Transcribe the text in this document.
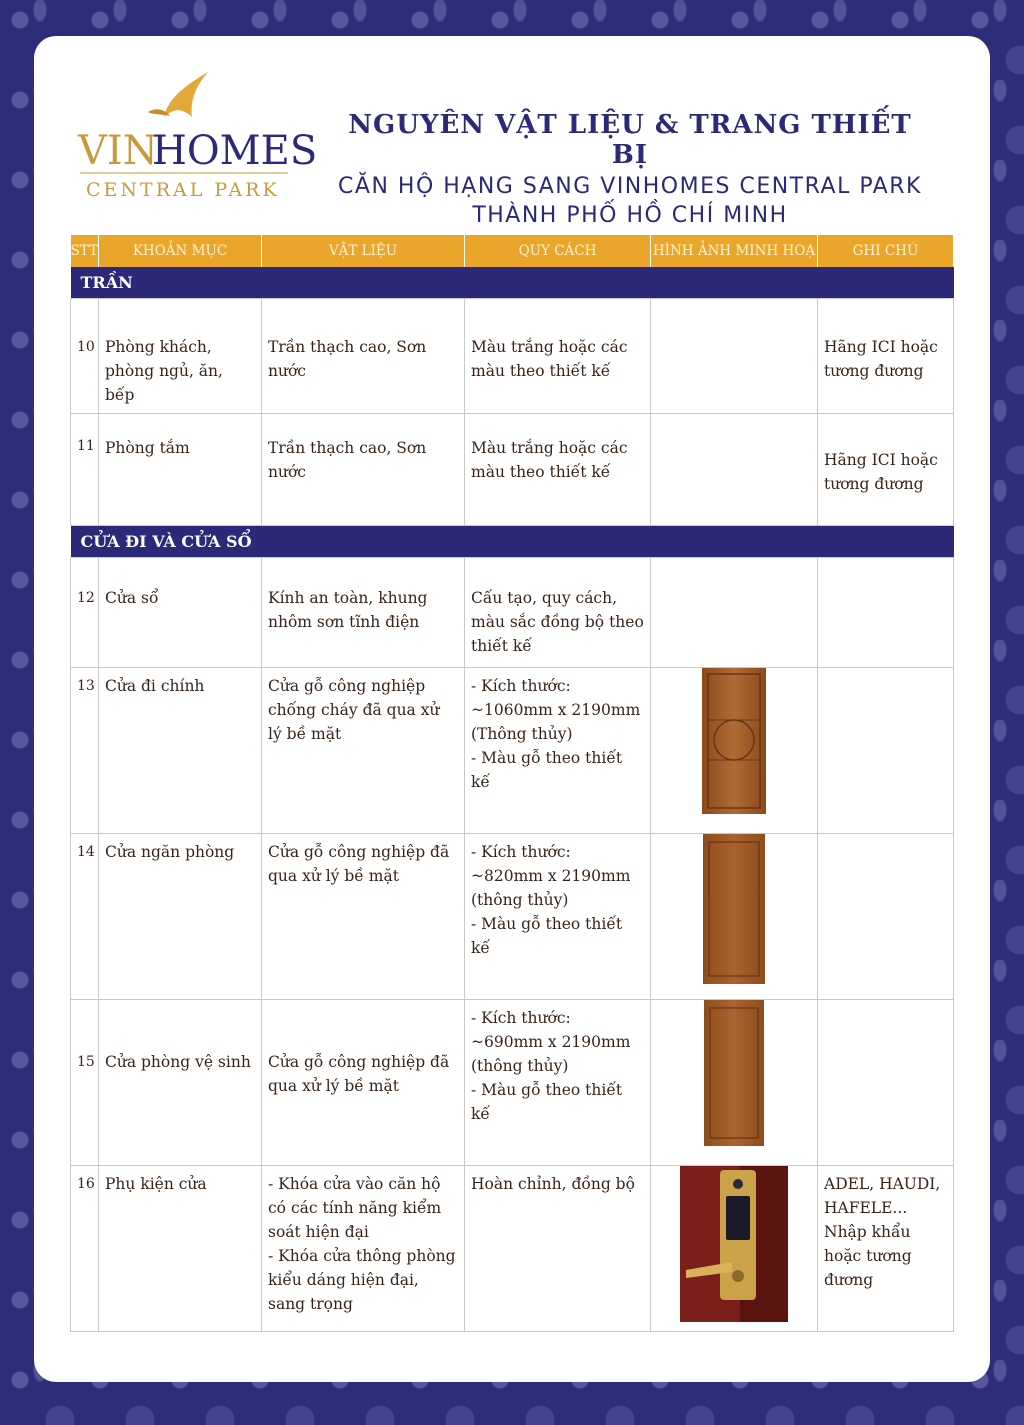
VIN
HOMES
CENTRAL PARK
NGUYÊN VẬT LIỆU & TRANG THIẾT BỊ
CĂN HỘ HẠNG SANG VINHOMES CENTRAL PARK
THÀNH PHỐ HỒ CHÍ MINH
STT	KHOẢN MỤC	VẬT LIỆU	QUY CÁCH	HÌNH ẢNH MINH HOẠ	GHI CHÚ
TRẦN					

10	Phòng khách, phòng ngủ, ăn, bếp	Trần thạch cao, Sơn nước	Màu trắng hoặc các màu theo thiết kế		Hãng ICI hoặc tương đương

11	Phòng tắm	Trần thạch cao, Sơn nước	Màu trắng hoặc các màu theo thiết kế		Hãng ICI hoặc tương đương

CỬA ĐI VÀ CỬA SỔ					

12	Cửa sổ	Kính an toàn, khung nhôm sơn tĩnh điện	Cấu tạo, quy cách, màu sắc đồng bộ theo thiết kế		

13	Cửa đi chính	Cửa gỗ công nghiệp chống cháy đã qua xử lý bề mặt	- Kích thước:
~1060mm x 2190mm
(Thông thủy)
- Màu gỗ theo thiết kế

14	Cửa ngăn phòng	Cửa gỗ công nghiệp đã qua xử lý bề mặt	- Kích thước:
~820mm x 2190mm
(thông thủy)
- Màu gỗ theo thiết kế

15	Cửa phòng vệ sinh	Cửa gỗ công nghiệp đã qua xử lý bề mặt	- Kích thước:
~690mm x 2190mm
(thông thủy)
- Màu gỗ theo thiết kế

16	Phụ kiện cửa	- Khóa cửa vào căn hộ có các tính năng kiểm soát hiện đại
- Khóa cửa thông phòng kiểu dáng hiện đại, sang trọng	Hoàn chỉnh, đồng bộ		ADEL, HAUDI, HAFELE... Nhập khẩu hoặc tương đương
